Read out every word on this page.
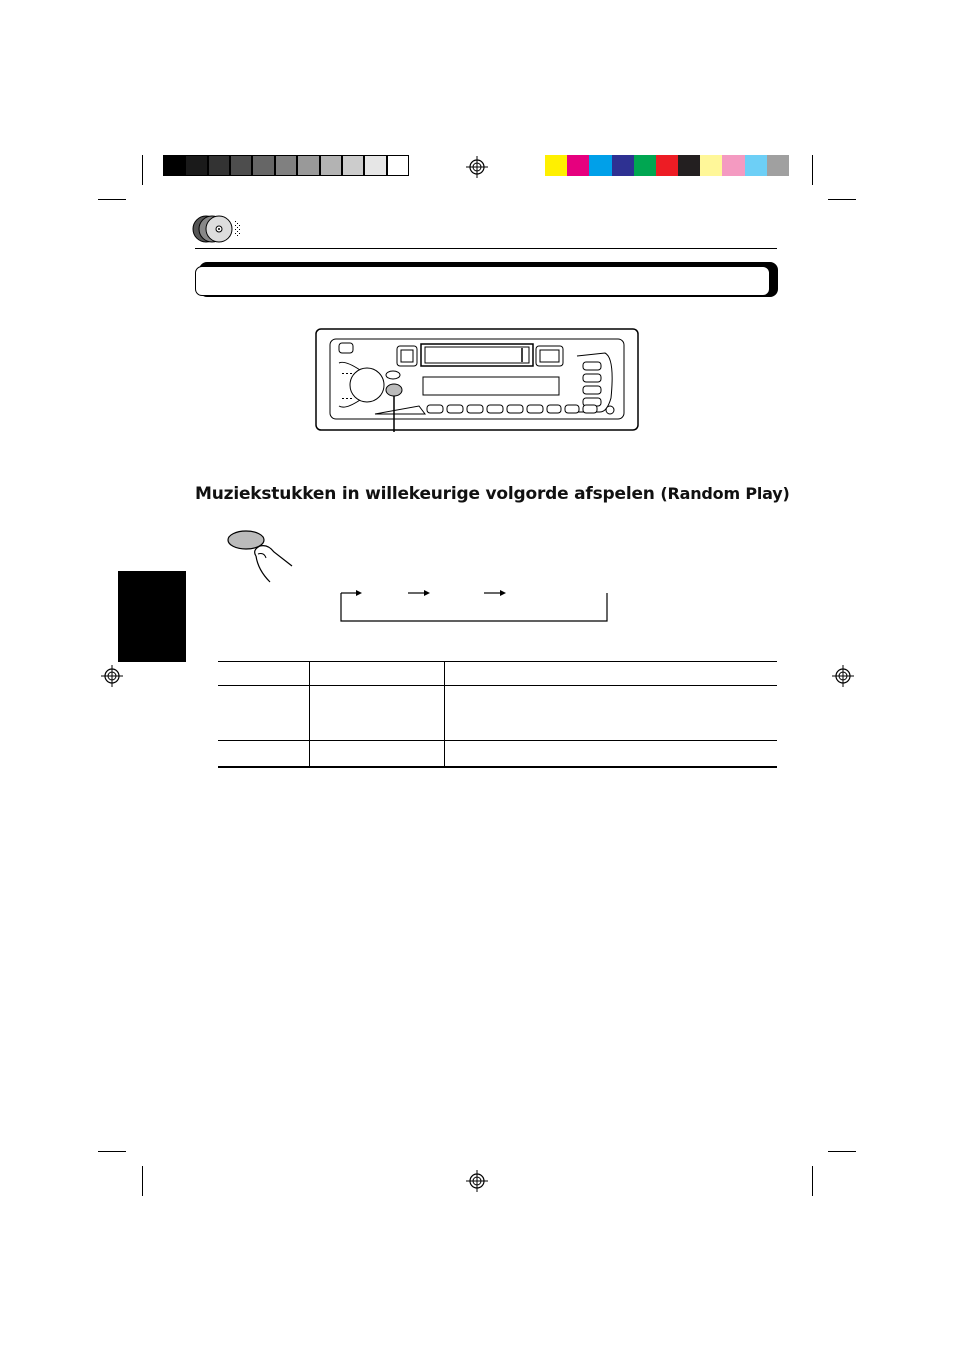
Muziekstukken in willekeurige volgorde afspelen (Random Play)
